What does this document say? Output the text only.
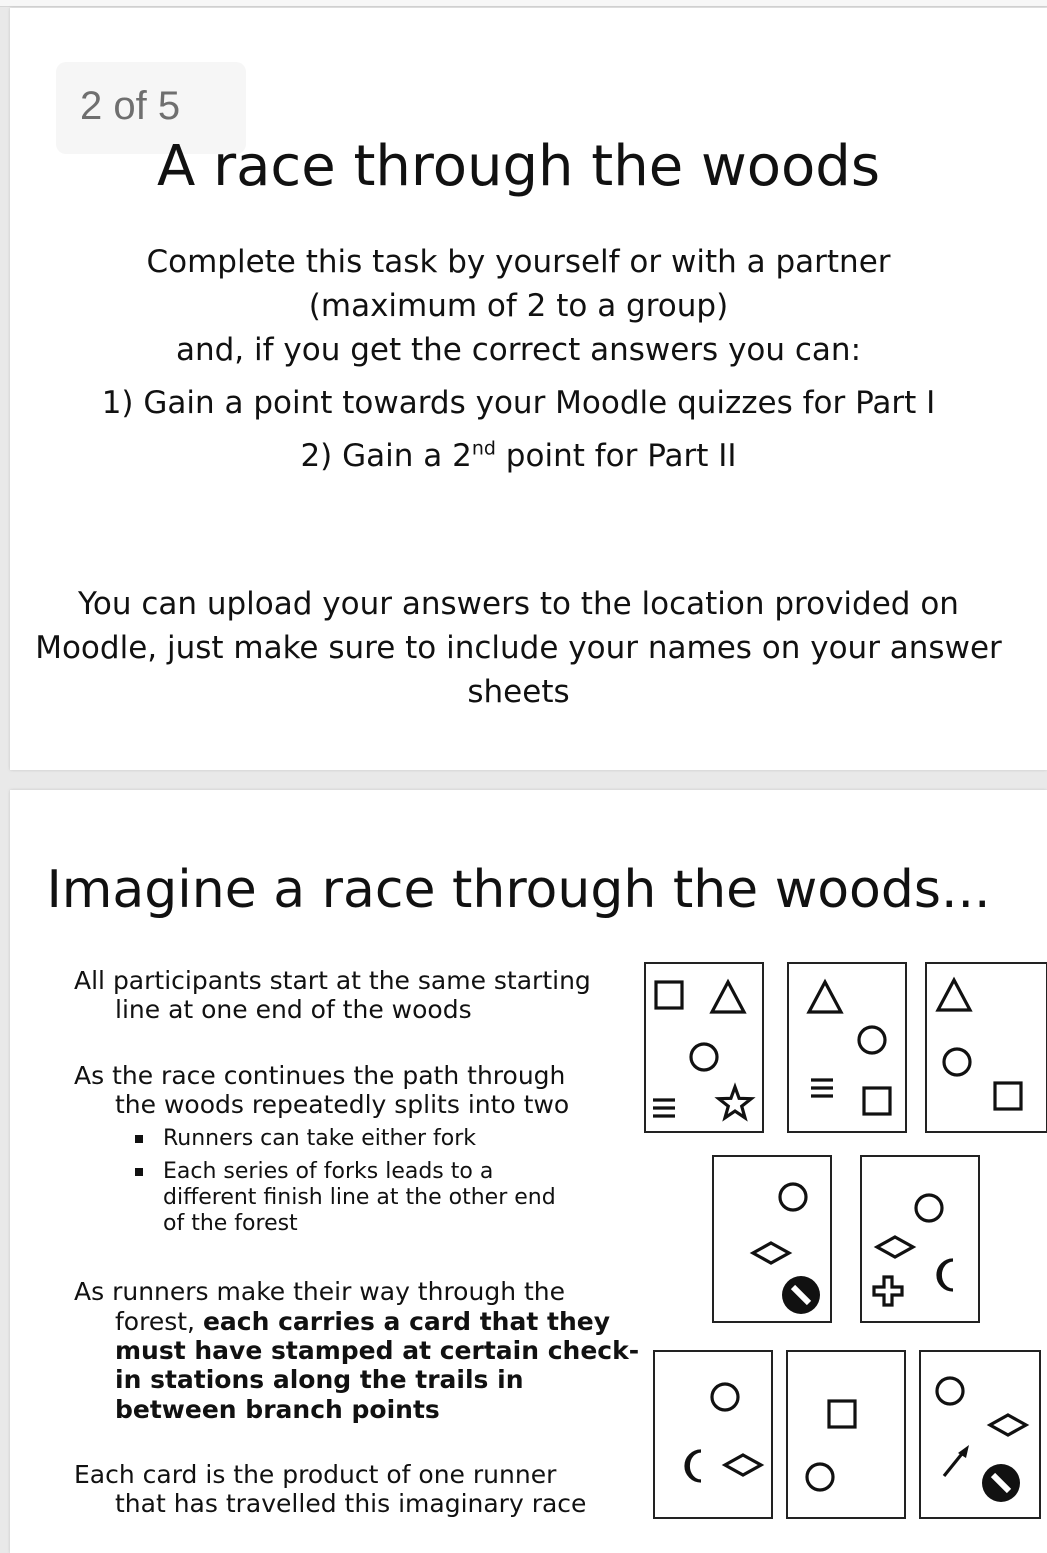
2 of 5
A race through the woods
Complete this task by yourself or with a partner
(maximum of 2 to a group)
and, if you get the correct answers you can:
1) Gain a point towards your Moodle quizzes for Part I
2) Gain a 2nd point for Part II
You can upload your answers to the location provided on
Moodle, just make sure to include your names on your answer
sheets
Imagine a race through the woods...
All participants start at the same starting
line at one end of the woods
As the race continues the path through
the woods repeatedly splits into two
Runners can take either fork
Each series of forks leads to a
different finish line at the other end
of the forest
As runners make their way through the
forest, each carries a card that they
must have stamped at certain check-
in stations along the trails in
between branch points
Each card is the product of one runner
that has travelled this imaginary race
